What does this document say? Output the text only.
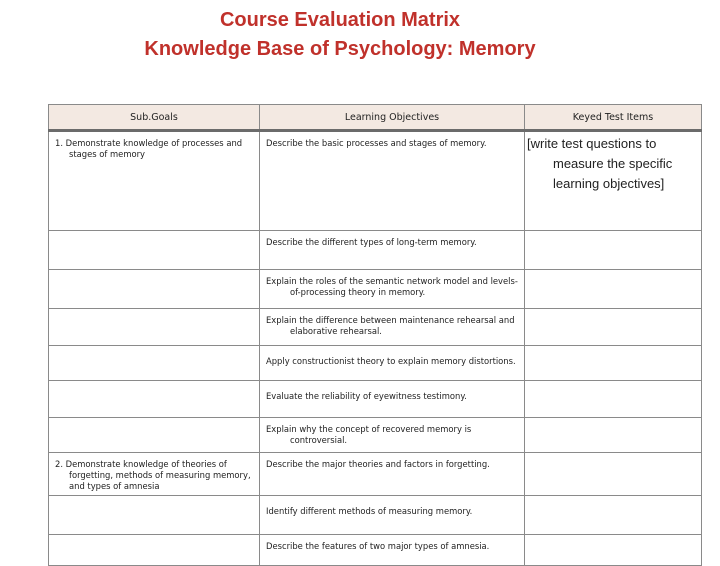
Course Evaluation Matrix
Knowledge Base of Psychology: Memory
Sub.Goals	Learning Objectives	Keyed Test Items

1. Demonstrate knowledge of processes and stages of memory	Describe the basic processes and stages of memory.	[write test questions to measure the specific learning objectives]

	Describe the different types of long-term memory.	

	Explain the roles of the semantic network model and levels-of-processing theory in memory.	

	Explain the difference between maintenance rehearsal and elaborative rehearsal.	

	Apply constructionist theory to explain memory distortions.	

	Evaluate the reliability of eyewitness testimony.	

	Explain why the concept of recovered memory is controversial.	

2. Demonstrate knowledge of theories of forgetting, methods of measuring memory, and types of amnesia	Describe the major theories and factors in forgetting.	

	Identify different methods of measuring memory.	

	Describe the features of two major types of amnesia.	
